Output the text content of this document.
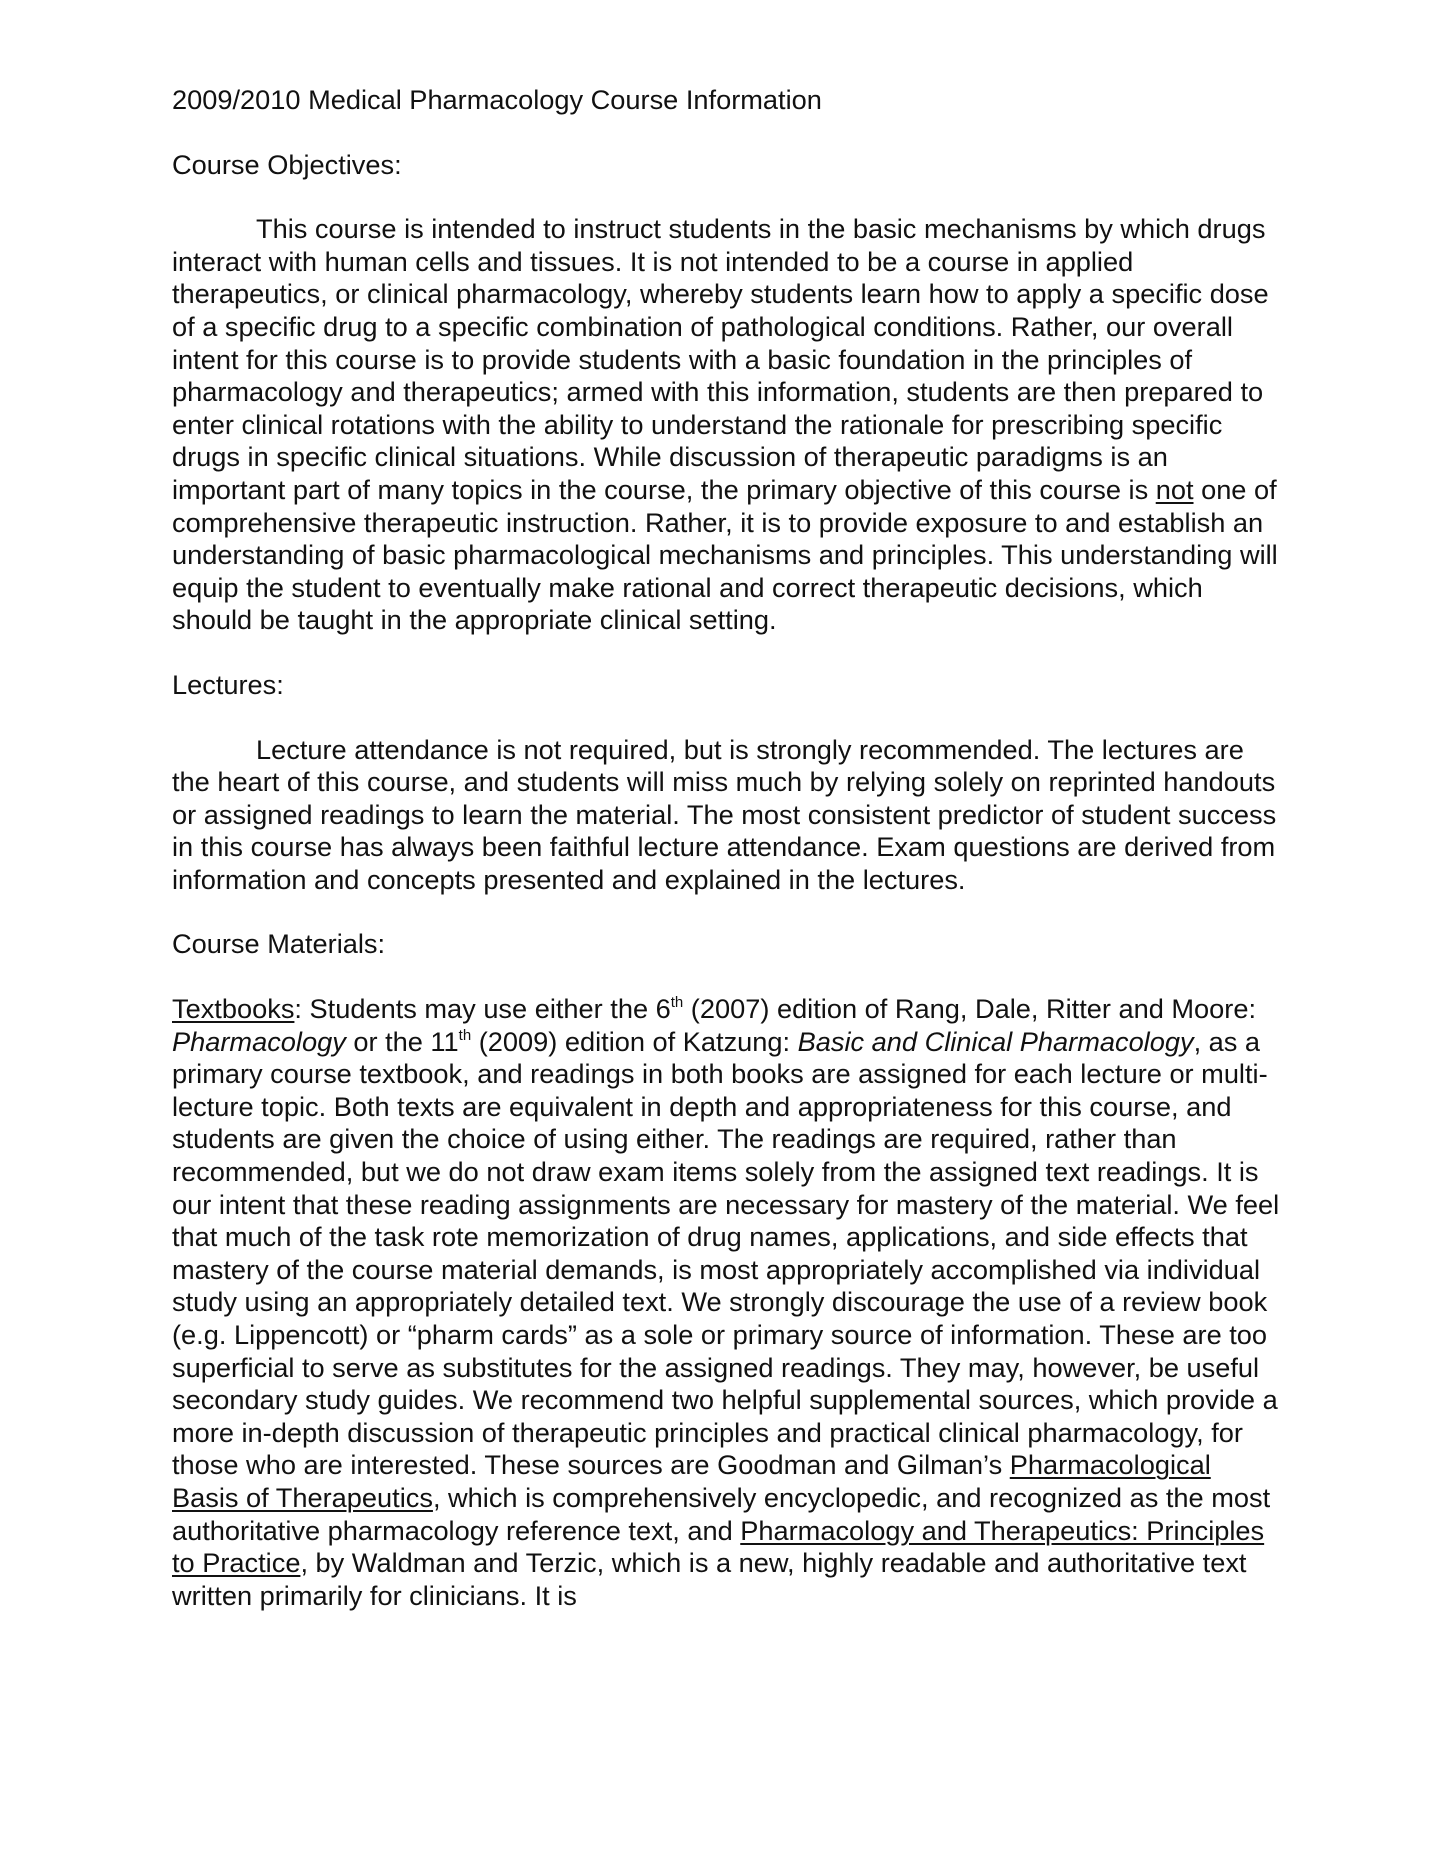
2009/2010 Medical Pharmacology Course Information
Course Objectives:

This course is intended to instruct students in the basic mechanisms by which drugs interact with human cells and tissues. It is not intended to be a course in applied therapeutics, or clinical pharmacology, whereby students learn how to apply a specific dose of a specific drug to a specific combination of pathological conditions. Rather, our overall intent for this course is to provide students with a basic foundation in the principles of pharmacology and therapeutics; armed with this information, students are then prepared to enter clinical rotations with the ability to understand the rationale for prescribing specific drugs in specific clinical situations. While discussion of therapeutic paradigms is an important part of many topics in the course, the primary objective of this course is not one of comprehensive therapeutic instruction. Rather, it is to provide exposure to and establish an understanding of basic pharmacological mechanisms and principles. This understanding will equip the student to eventually make rational and correct therapeutic decisions, which should be taught in the appropriate clinical setting.

Lectures:

Lecture attendance is not required, but is strongly recommended. The lectures are the heart of this course, and students will miss much by relying solely on reprinted handouts or assigned readings to learn the material. The most consistent predictor of student success in this course has always been faithful lecture attendance. Exam questions are derived from information and concepts presented and explained in the lectures.

Course Materials:

Textbooks: Students may use either the 6th (2007) edition of Rang, Dale, Ritter and Moore: Pharmacology or the 11th (2009) edition of Katzung: Basic and Clinical Pharmacology, as a primary course textbook, and readings in both books are assigned for each lecture or multi-lecture topic. Both texts are equivalent in depth and appropriateness for this course, and students are given the choice of using either. The readings are required, rather than recommended, but we do not draw exam items solely from the assigned text readings. It is our intent that these reading assignments are necessary for mastery of the material. We feel that much of the task rote memorization of drug names, applications, and side effects that mastery of the course material demands, is most appropriately accomplished via individual study using an appropriately detailed text. We strongly discourage the use of a review book (e.g. Lippencott) or “pharm cards” as a sole or primary source of information. These are too superficial to serve as substitutes for the assigned readings. They may, however, be useful secondary study guides. We recommend two helpful supplemental sources, which provide a more in-depth discussion of therapeutic principles and practical clinical pharmacology, for those who are interested. These sources are Goodman and Gilman’s Pharmacological Basis of Therapeutics, which is comprehensively encyclopedic, and recognized as the most authoritative pharmacology reference text, and Pharmacology and Therapeutics: Principles to Practice, by Waldman and Terzic, which is a new, highly readable and authoritative text written primarily for clinicians. It is
